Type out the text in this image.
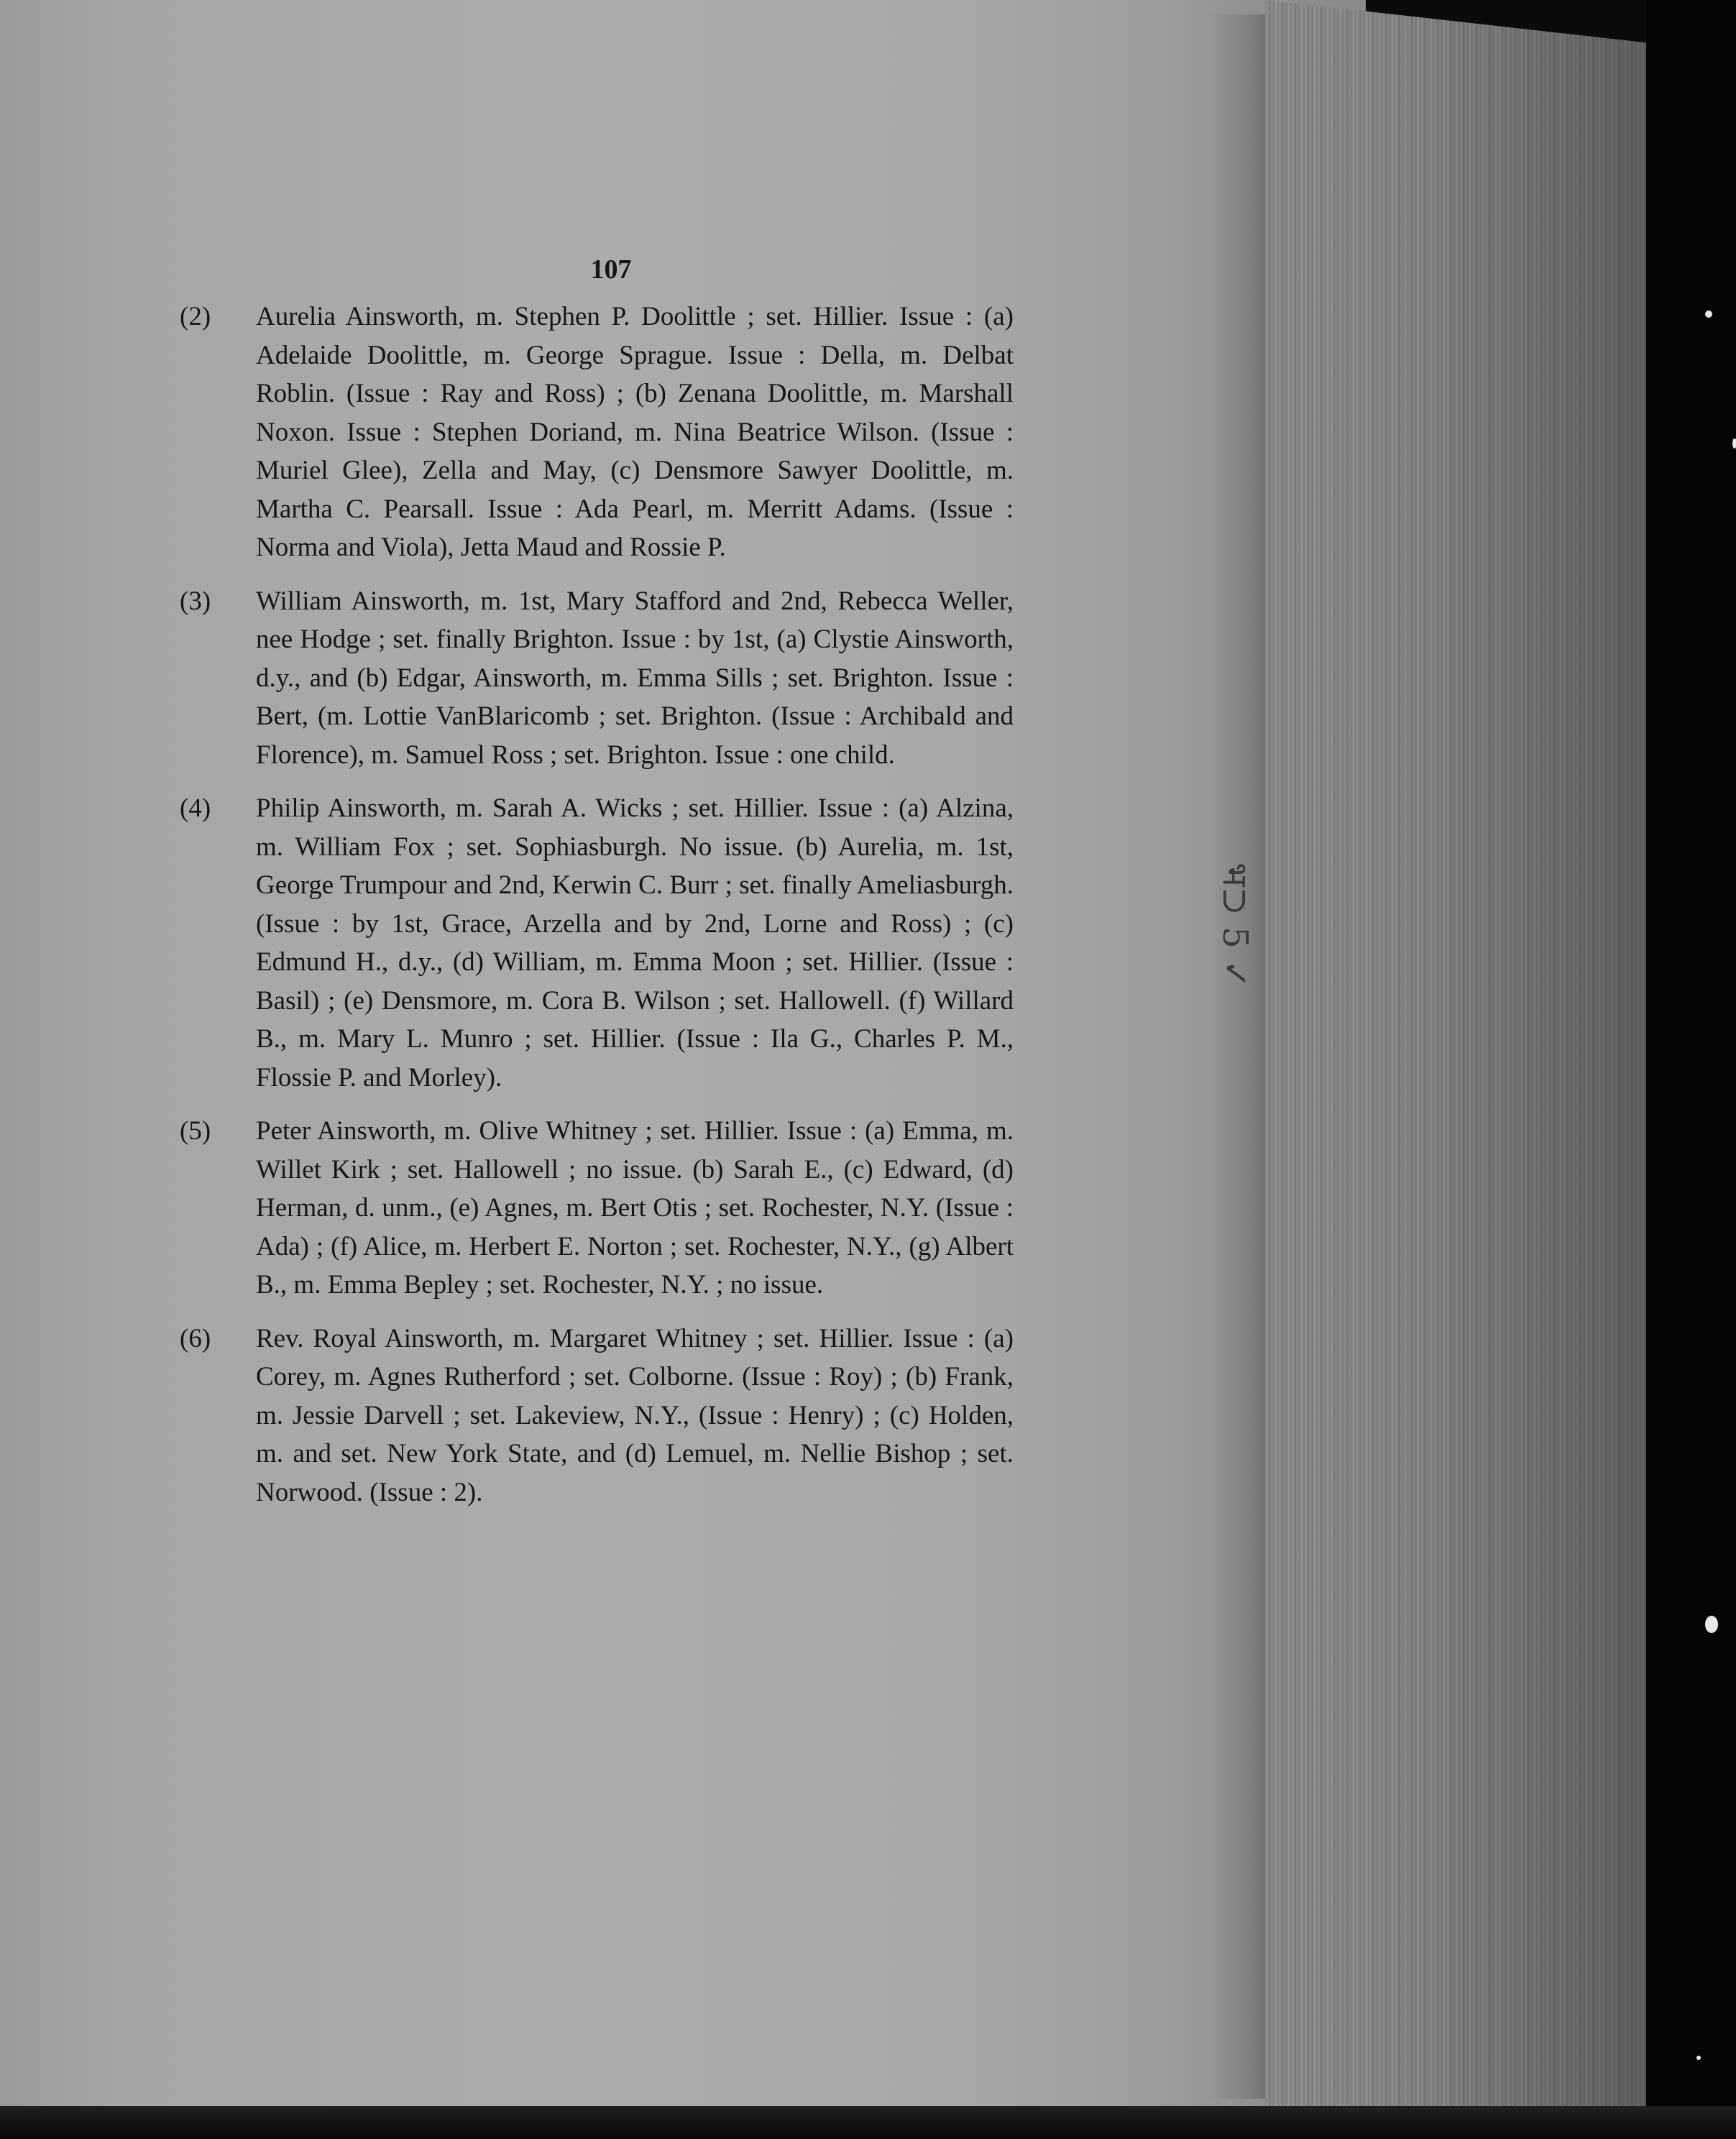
107
(2) Aurelia Ainsworth, m. Stephen P. Doolittle ; set. Hillier. Issue : (a) Adelaide Doolittle, m. George Sprague. Issue : Della, m. Delbat Roblin. (Issue : Ray and Ross) ; (b) Zenana Doolittle, m. Marshall Noxon. Issue : Stephen Doriand, m. Nina Beatrice Wilson. (Issue : Muriel Glee), Zella and May, (c) Densmore Sawyer Doolittle, m. Martha C. Pearsall. Issue : Ada Pearl, m. Merritt Adams. (Issue : Norma and Viola), Jetta Maud and Rossie P.
(3) William Ainsworth, m. 1st, Mary Stafford and 2nd, Rebecca Weller, nee Hodge ; set. finally Brighton. Issue : by 1st, (a) Clystie Ainsworth, d.y., and (b) Edgar, Ainsworth, m. Emma Sills ; set. Brighton. Issue : Bert, (m. Lottie VanBlaricomb ; set. Brighton. (Issue : Archibald and Florence), m. Samuel Ross ; set. Brighton. Issue : one child.
(4) Philip Ainsworth, m. Sarah A. Wicks ; set. Hillier. Issue : (a) Alzina, m. William Fox ; set. Sophiasburgh. No issue. (b) Aurelia, m. 1st, George Trumpour and 2nd, Kerwin C. Burr ; set. finally Ameliasburgh. (Issue : by 1st, Grace, Arzella and by 2nd, Lorne and Ross) ; (c) Edmund H., d.y., (d) William, m. Emma Moon ; set. Hillier. (Issue : Basil) ; (e) Densmore, m. Cora B. Wilson ; set. Hallowell. (f) Willard B., m. Mary L. Munro ; set. Hillier. (Issue : Ila G., Charles P. M., Flossie P. and Morley).
(5) Peter Ainsworth, m. Olive Whitney ; set. Hillier. Issue : (a) Emma, m. Willet Kirk ; set. Hallowell ; no issue. (b) Sarah E., (c) Edward, (d) Herman, d. unm., (e) Agnes, m. Bert Otis ; set. Rochester, N.Y. (Issue : Ada) ; (f) Alice, m. Herbert E. Norton ; set. Rochester, N.Y., (g) Albert B., m. Emma Bepley ; set. Rochester, N.Y. ; no issue.
(6) Rev. Royal Ainsworth, m. Margaret Whitney ; set. Hillier. Issue : (a) Corey, m. Agnes Rutherford ; set. Colborne. (Issue : Roy) ; (b) Frank, m. Jessie Darvell ; set. Lakeview, N.Y., (Issue : Henry) ; (c) Holden, m. and set. New York State, and (d) Lemuel, m. Nellie Bishop ; set. Norwood. (Issue : 2).
